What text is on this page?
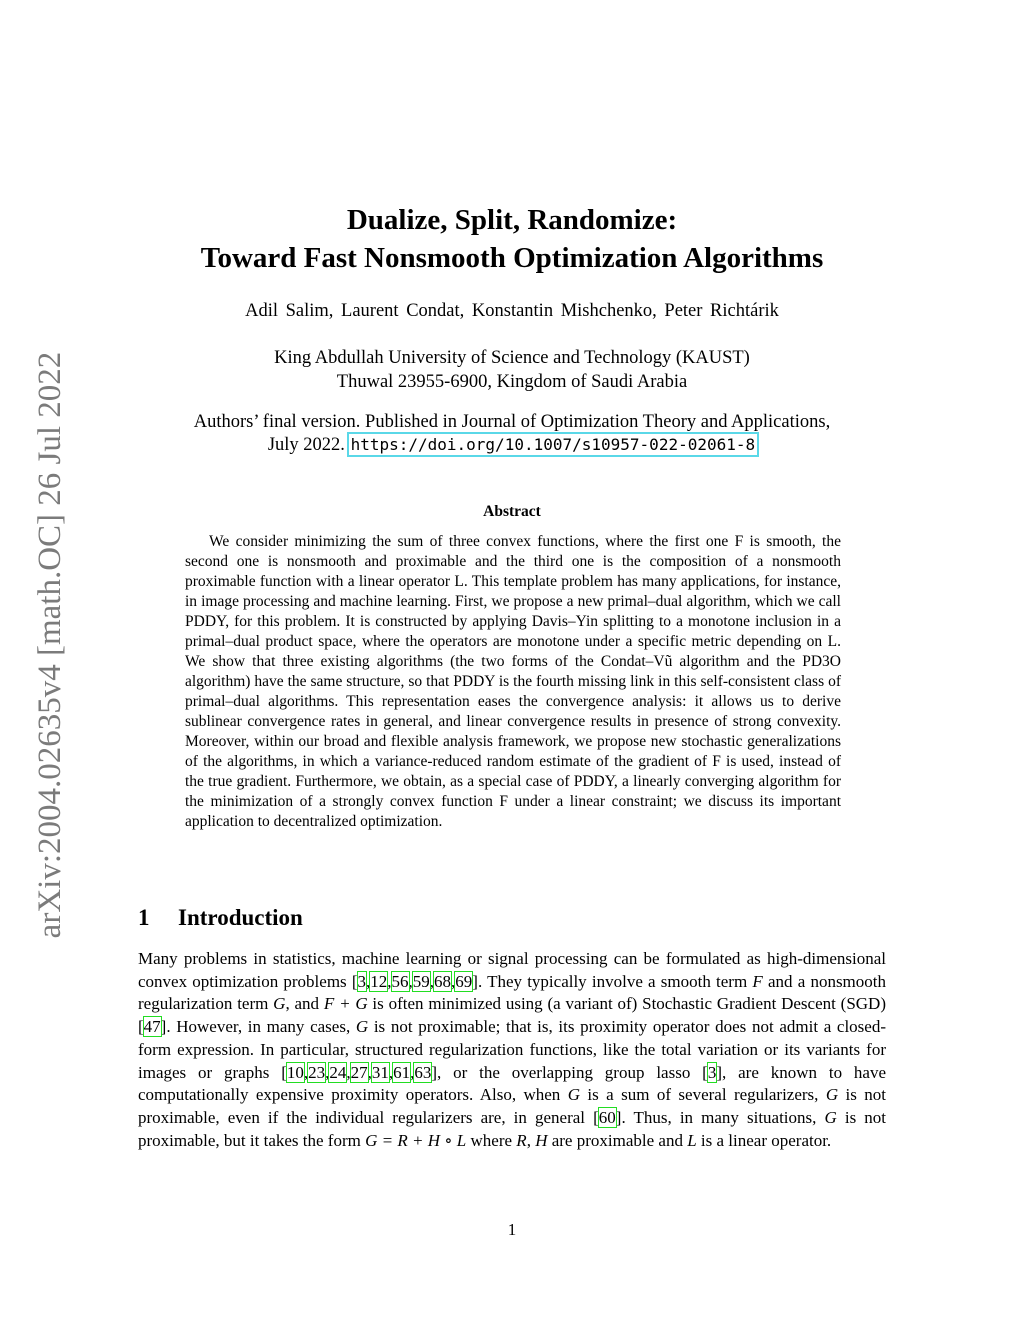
arXiv:2004.02635v4 [math.OC] 26 Jul 2022
Dualize, Split, Randomize:
Toward Fast Nonsmooth Optimization Algorithms
Adil Salim, Laurent Condat, Konstantin Mishchenko, Peter Richtárik
King Abdullah University of Science and Technology (KAUST)
Thuwal 23955-6900, Kingdom of Saudi Arabia
Authors’ final version. Published in Journal of Optimization Theory and Applications,
July 2022. https://doi.org/10.1007/s10957-022-02061-8
Abstract

We consider minimizing the sum of three convex functions, where the first one F is smooth, the second one is nonsmooth and proximable and the third one is the composition of a nonsmooth proximable function with a linear operator L. This template problem has many applications, for instance, in image processing and machine learning. First, we propose a new primal–dual algorithm, which we call PDDY, for this problem. It is constructed by applying Davis–Yin splitting to a monotone inclusion in a primal–dual product space, where the operators are monotone under a specific metric depending on L. We show that three existing algorithms (the two forms of the Condat–Vũ algorithm and the PD3O algorithm) have the same structure, so that PDDY is the fourth missing link in this self-consistent class of primal–dual algorithms. This representation eases the convergence analysis: it allows us to derive sublinear convergence rates in general, and linear convergence results in presence of strong convexity. Moreover, within our broad and flexible analysis framework, we propose new stochastic generalizations of the algorithms, in which a variance-reduced random estimate of the gradient of F is used, instead of the true gradient. Furthermore, we obtain, as a special case of PDDY, a linearly converging algorithm for the minimization of a strongly convex function F under a linear constraint; we discuss its important application to decentralized optimization.

1 Introduction

Many problems in statistics, machine learning or signal processing can be formulated as high-dimensional convex optimization problems [3,12,56,59,68,69]. They typically involve a smooth term F and a nonsmooth regularization term G, and F + G is often minimized using (a variant of) Stochastic Gradient Descent (SGD) [47]. However, in many cases, G is not proximable; that is, its proximity operator does not admit a closed-form expression. In particular, structured regularization functions, like the total variation or its variants for images or graphs [10,23,24,27,31,61,63], or the overlapping group lasso [3], are known to have computationally expensive proximity operators. Also, when G is a sum of several regularizers, G is not proximable, even if the individual regularizers are, in general [60]. Thus, in many situations, G is not proximable, but it takes the form G = R + H ∘ L where R, H are proximable and L is a linear operator.

1
